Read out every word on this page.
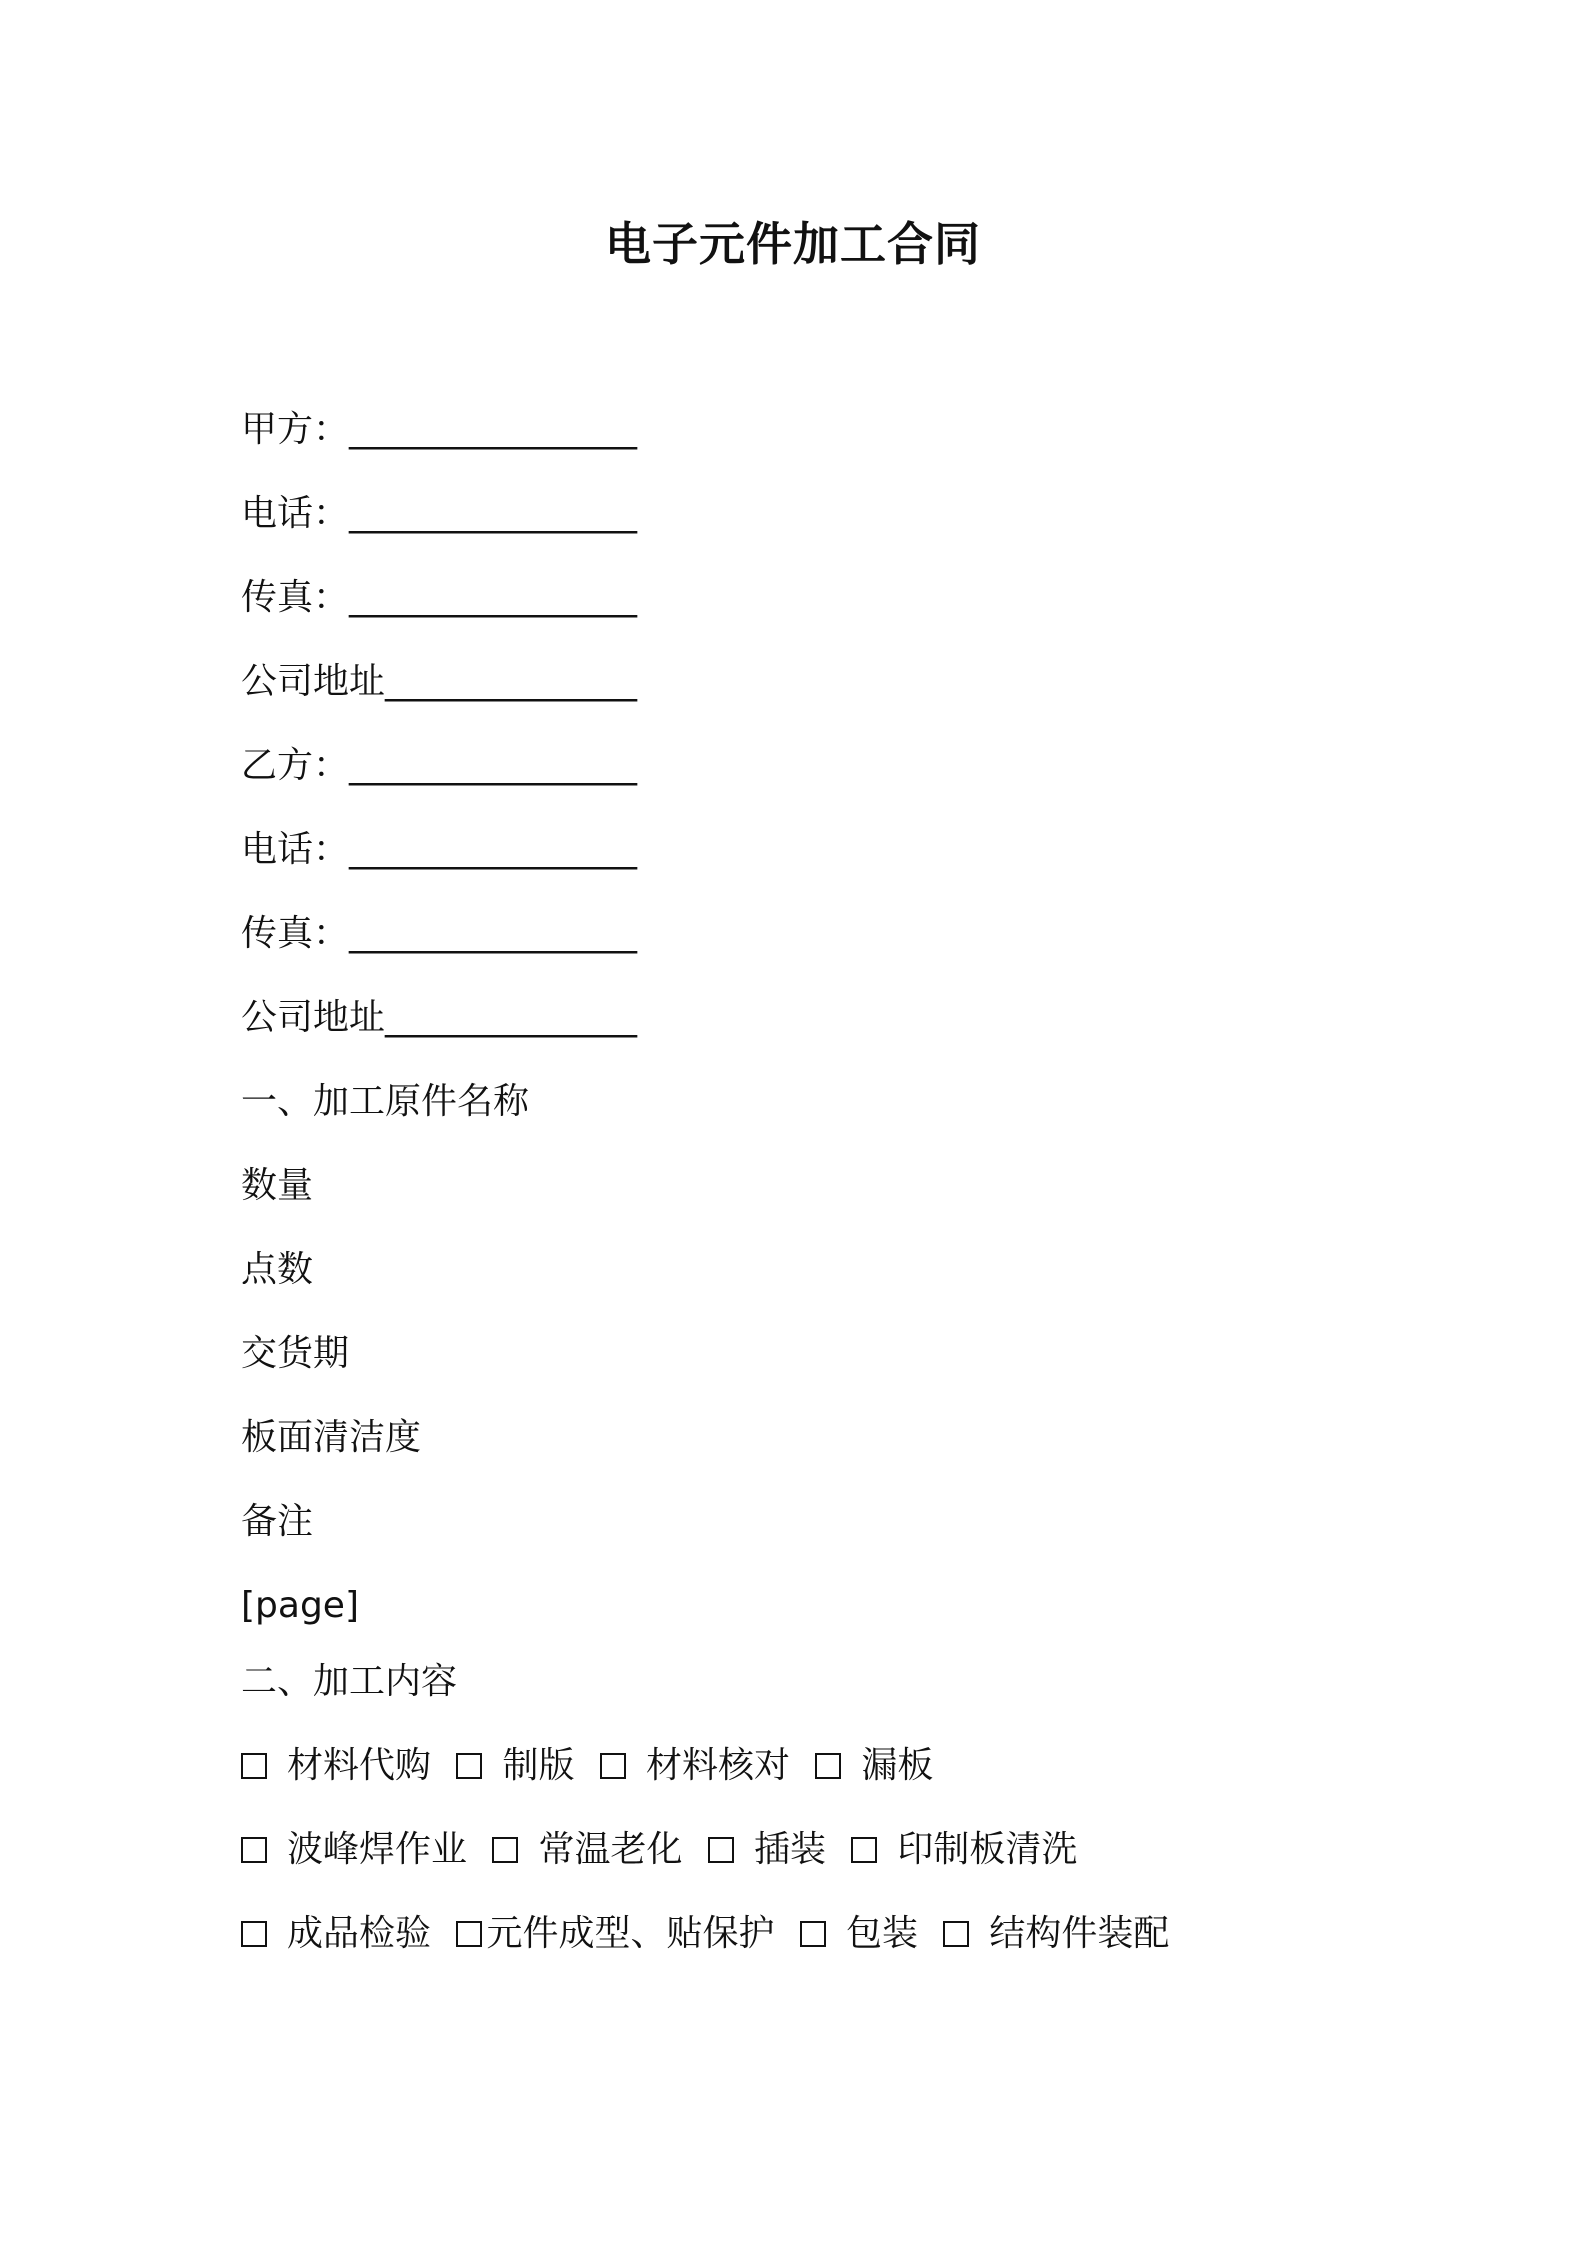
电子元件加工合同
甲方：________________
电话：________________
传真：________________
公司地址______________
乙方：________________
电话：________________
传真：________________
公司地址______________
一、加工原件名称
数量
点数
交货期
板面清洁度
备注
[page]
二、加工内容
材料代购 制版 材料核对 漏板
波峰焊作业 常温老化 插装 印制板清洗
成品检验 元件成型、贴保护 包装 结构件装配
